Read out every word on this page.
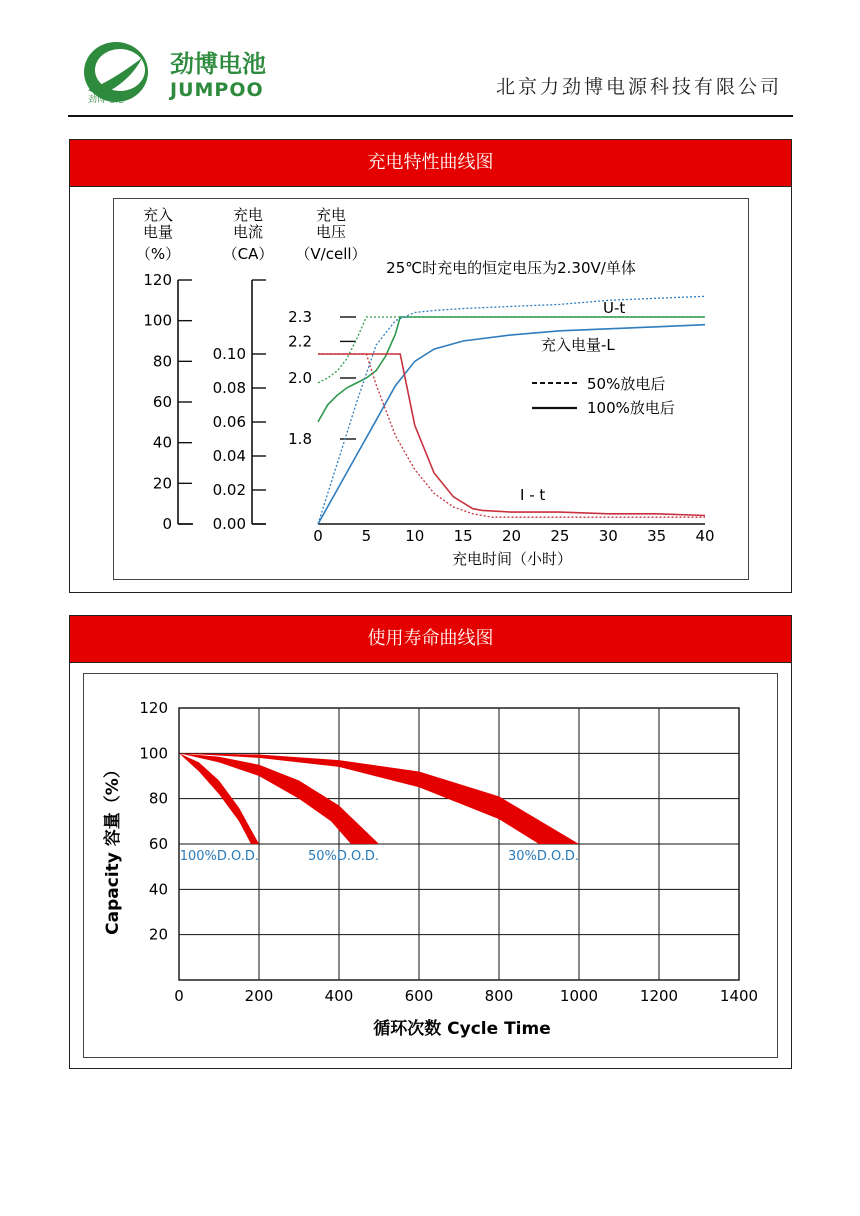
劲博电池
劲博电池
JUMPOO	北京力劲博电源科技有限公司
充电特性曲线图
充入
电量
（%）
充电
电流
（CA）
充电
电压
（V/cell）
25℃时充电的恒定电压为2.30V/单体
充电时间（小时）
U-t
充入电量-L
I - t
50%放电后
100%放电后
0
20
40
60
80
100
120
0.00
0.02
0.04
0.06
0.08
0.10
1.8
2.2
2.3
2.0
0	5 10 15 20 25 30 35 40
使用寿命曲线图
Capacity 容量（%）
循环次数 Cycle Time
0	200	400	600	800	1000	1200	1400
20
40
60
80
100
120
100%D.O.D.	50%D.O.D.	30%D.O.D.
